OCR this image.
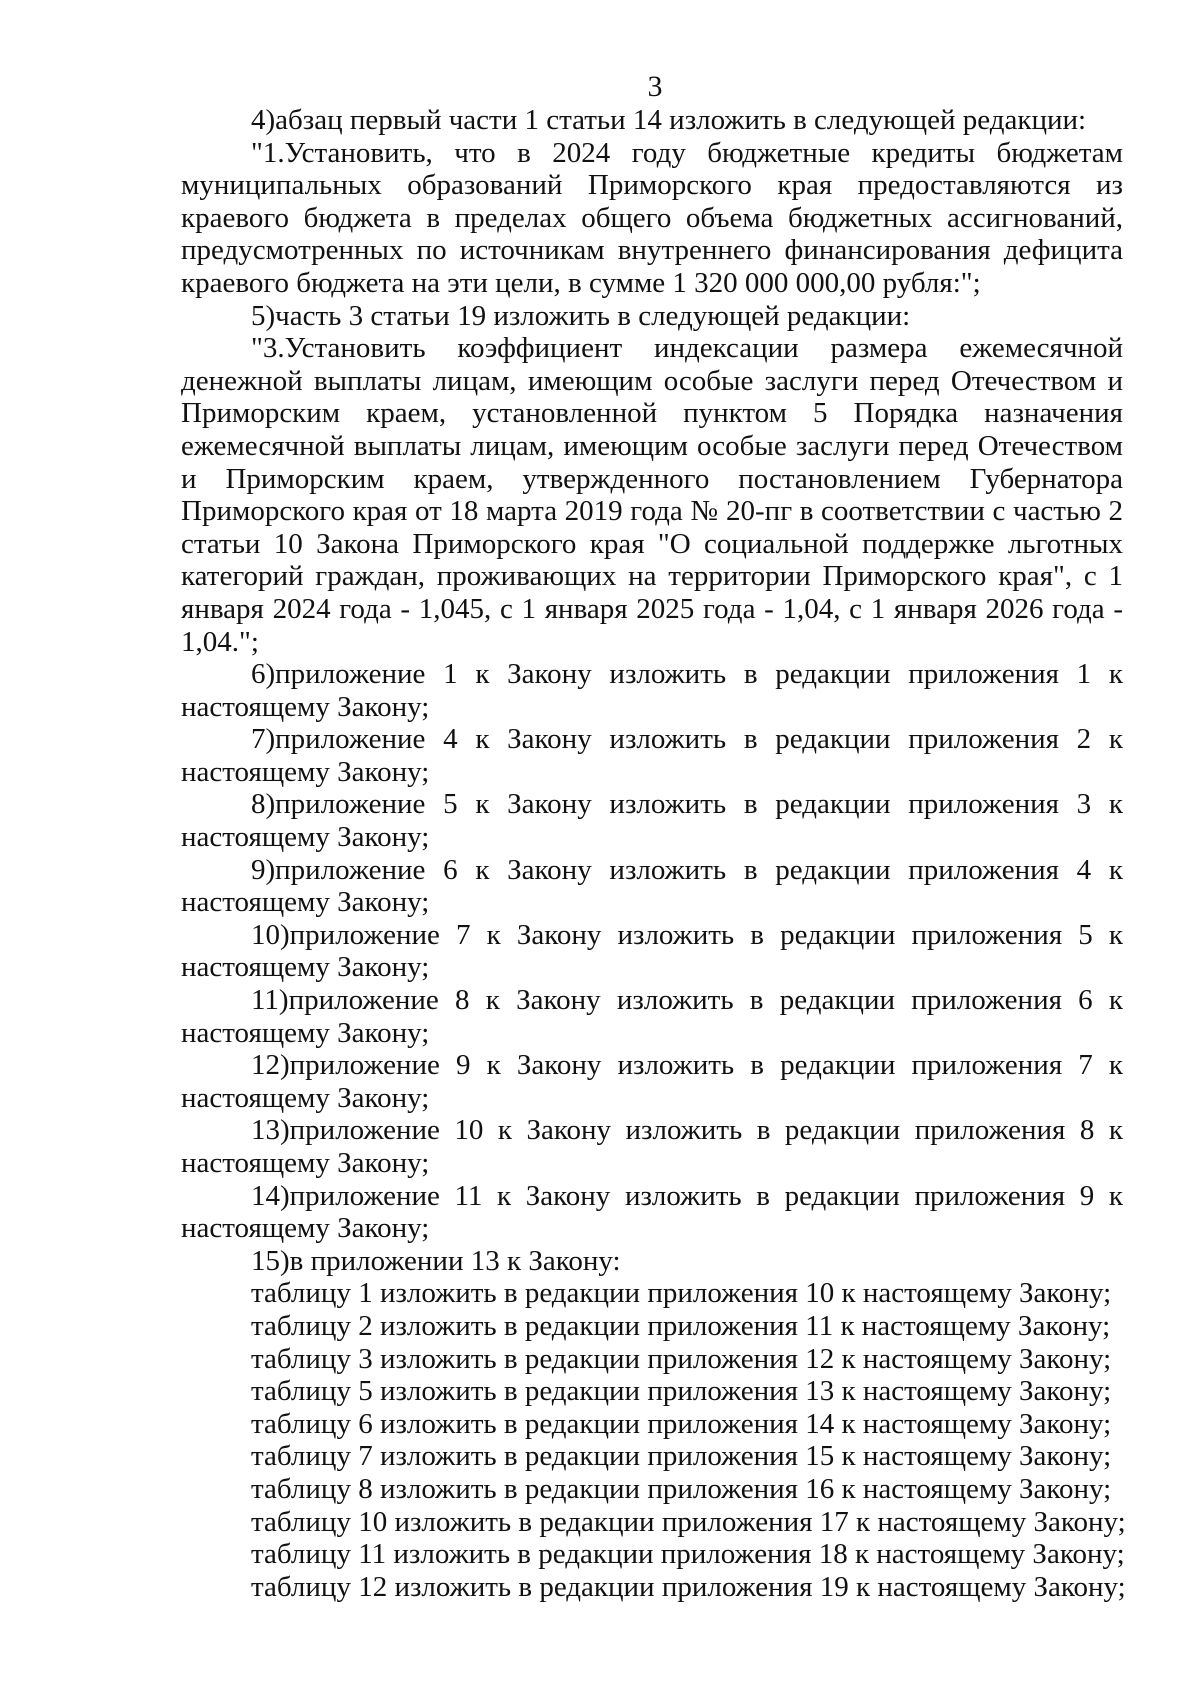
3

4)абзац первый части 1 статьи 14 изложить в следующей редакции:

"1.Установить, что в 2024 году бюджетные кредиты бюджетам муниципальных образований Приморского края предоставляются из краевого бюджета в пределах общего объема бюджетных ассигнований, предусмотренных по источникам внутреннего финансирования дефицита краевого бюджета на эти цели, в сумме 1 320 000 000,00 рубля:";

5)часть 3 статьи 19 изложить в следующей редакции:

"3.Установить коэффициент индексации размера ежемесячной денежной выплаты лицам, имеющим особые заслуги перед Отечеством и Приморским краем, установленной пунктом 5 Порядка назначения ежемесячной выплаты лицам, имеющим особые заслуги перед Отечеством и Приморским краем, утвержденного постановлением Губернатора Приморского края от 18 марта 2019 года № 20-пг в соответствии с частью 2 статьи 10 Закона Приморского края "О социальной поддержке льготных категорий граждан, проживающих на территории Приморского края", с 1 января 2024 года - 1,045, с 1 января 2025 года - 1,04, с 1 января 2026 года - 1,04.";

6)приложение 1 к Закону изложить в редакции приложения 1 к настоящему Закону;

7)приложение 4 к Закону изложить в редакции приложения 2 к настоящему Закону;

8)приложение 5 к Закону изложить в редакции приложения 3 к настоящему Закону;

9)приложение 6 к Закону изложить в редакции приложения 4 к настоящему Закону;

10)приложение 7 к Закону изложить в редакции приложения 5 к настоящему Закону;

11)приложение 8 к Закону изложить в редакции приложения 6 к настоящему Закону;

12)приложение 9 к Закону изложить в редакции приложения 7 к настоящему Закону;

13)приложение 10 к Закону изложить в редакции приложения 8 к настоящему Закону;

14)приложение 11 к Закону изложить в редакции приложения 9 к настоящему Закону;

15)в приложении 13 к Закону:

таблицу 1 изложить в редакции приложения 10 к настоящему Закону;
таблицу 2 изложить в редакции приложения 11 к настоящему Закону;
таблицу 3 изложить в редакции приложения 12 к настоящему Закону;
таблицу 5 изложить в редакции приложения 13 к настоящему Закону;
таблицу 6 изложить в редакции приложения 14 к настоящему Закону;
таблицу 7 изложить в редакции приложения 15 к настоящему Закону;
таблицу 8 изложить в редакции приложения 16 к настоящему Закону;
таблицу 10 изложить в редакции приложения 17 к настоящему Закону;
таблицу 11 изложить в редакции приложения 18 к настоящему Закону;
таблицу 12 изложить в редакции приложения 19 к настоящему Закону;
